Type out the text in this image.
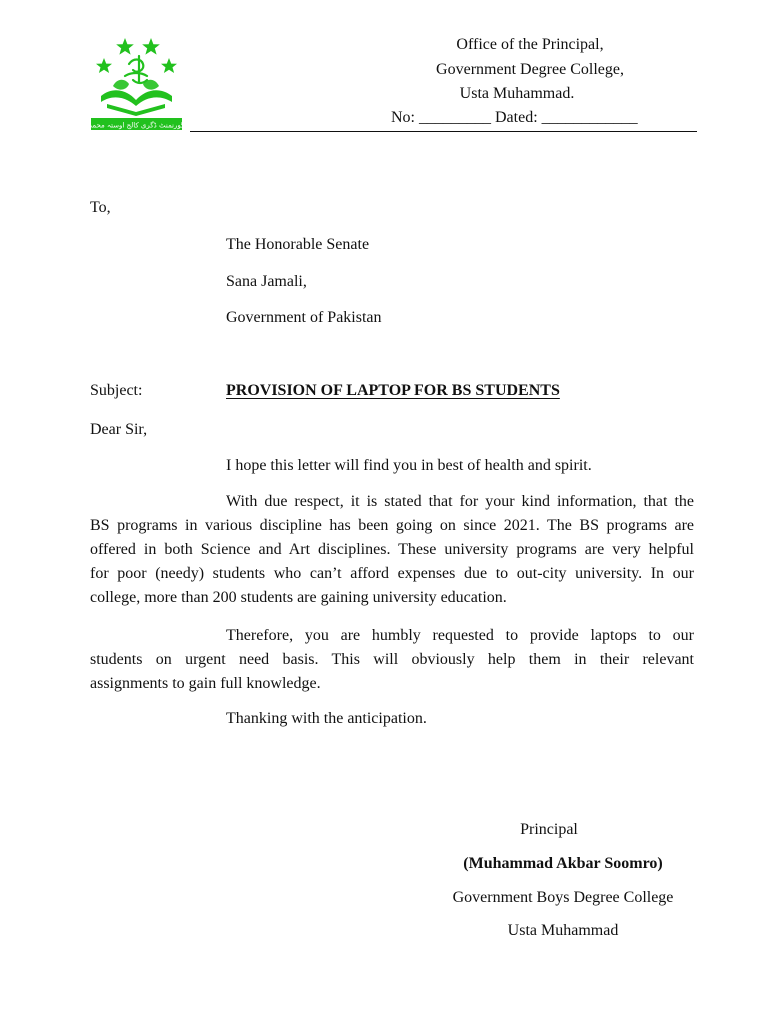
گورنمنٹ ڈگری کالج اوستہ محمد
Office of the Principal,
Government Degree College,
Usta Muhammad.
No: _________ Dated: ____________
To,
The Honorable Senate
Sana Jamali,
Government of Pakistan
Subject:	PROVISION OF LAPTOP FOR BS STUDENTS
Dear Sir,
I hope this letter will find you in best of health and spirit.
With due respect, it is stated that for your kind information, that the
BS programs in various discipline has been going on since 2021. The BS programs are
offered in both Science and Art disciplines. These university programs are very helpful
for poor (needy) students who can’t afford expenses due to out-city university. In our
college, more than 200 students are gaining university education.
Therefore, you are humbly requested to provide laptops to our
students on urgent need basis. This will obviously help them in their relevant
assignments to gain full knowledge.
Thanking with the anticipation.
Principal
(Muhammad Akbar Soomro)
Government Boys Degree College
Usta Muhammad
